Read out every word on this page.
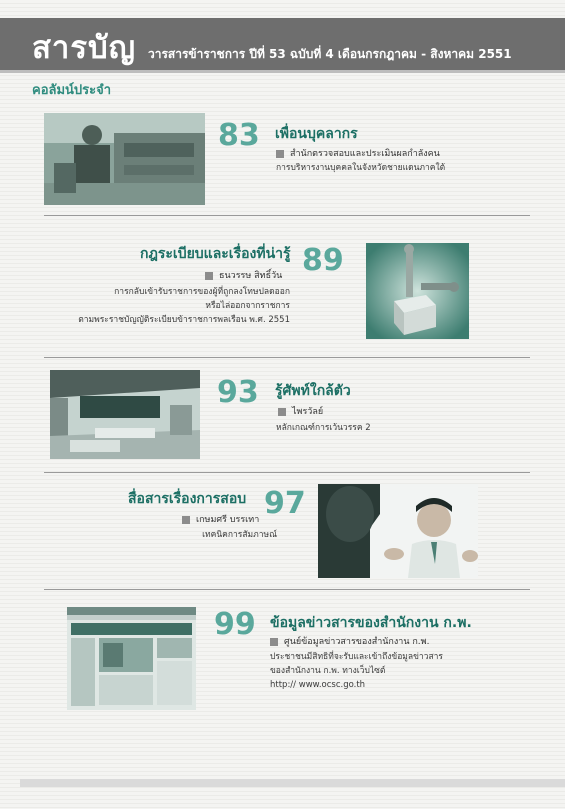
สารบัญ วารสารข้าราชการ ปีที่ 53 ฉบับที่ 4 เดือนกรกฎาคม - สิงหาคม 2551
คอลัมน์ประจำ
83 เพื่อนบุคลากร
สำนักตรวจสอบและประเมินผลกำลังคน
การบริหารงานบุคคลในจังหวัดชายแดนภาคใต้
กฎระเบียบและเรื่องที่น่ารู้ 89
ธนวรรษ สิทธิ์วัน
การกลับเข้ารับราชการของผู้ที่ถูกลงโทษปลดออก
หรือไล่ออกจากราชการ
ตามพระราชบัญญัติระเบียบข้าราชการพลเรือน พ.ศ. 2551
93 รู้ศัพท์ใกล้ตัว
ไพรวัลย์
หลักเกณฑ์การเว้นวรรค 2
สื่อสารเรื่องการสอบ 97
เกษมศรี บรรเทา
เทคนิคการสัมภาษณ์
99 ข้อมูลข่าวสารของสำนักงาน ก.พ.
ศูนย์ข้อมูลข่าวสารของสำนักงาน ก.พ.
ประชาชนมีสิทธิที่จะรับและเข้าถึงข้อมูลข่าวสาร
ของสำนักงาน ก.พ. ทางเว็บไซต์
http:// www.ocsc.go.th
